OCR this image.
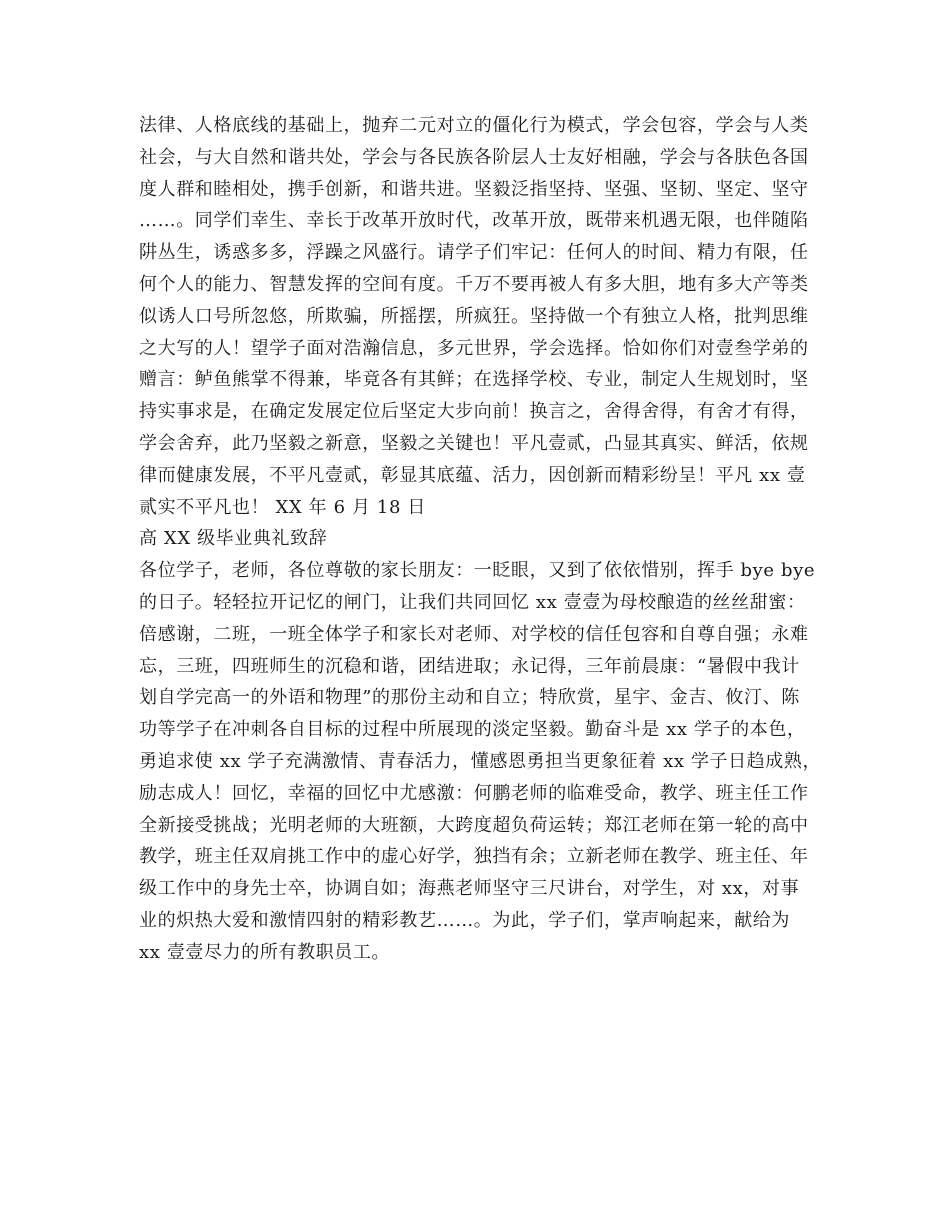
法律、人格底线的基础上，抛弃二元对立的僵化行为模式，学会包容，学会与人类
社会，与大自然和谐共处，学会与各民族各阶层人士友好相融，学会与各肤色各国
度人群和睦相处，携手创新，和谐共进。坚毅泛指坚持、坚强、坚韧、坚定、坚守
……。同学们幸生、幸长于改革开放时代，改革开放，既带来机遇无限，也伴随陷
阱丛生，诱惑多多，浮躁之风盛行。请学子们牢记：任何人的时间、精力有限，任
何个人的能力、智慧发挥的空间有度。千万不要再被人有多大胆，地有多大产等类
似诱人口号所忽悠，所欺骗，所摇摆，所疯狂。坚持做一个有独立人格，批判思维
之大写的人！望学子面对浩瀚信息，多元世界，学会选择。恰如你们对壹叁学弟的
赠言：鲈鱼熊掌不得兼，毕竟各有其鲜；在选择学校、专业，制定人生规划时，坚
持实事求是，在确定发展定位后坚定大步向前！换言之，舍得舍得，有舍才有得，
学会舍弃，此乃坚毅之新意，坚毅之关键也！平凡壹贰，凸显其真实、鲜活，依规
律而健康发展，不平凡壹贰，彰显其底蕴、活力，因创新而精彩纷呈！平凡 xx 壹
贰实不平凡也！ XX 年 6 月 18 日
高 XX 级毕业典礼致辞
各位学子，老师，各位尊敬的家长朋友：一眨眼，又到了依依惜别，挥手 bye bye
的日子。轻轻拉开记忆的闸门，让我们共同回忆 xx 壹壹为母校酿造的丝丝甜蜜：
倍感谢，二班，一班全体学子和家长对老师、对学校的信任包容和自尊自强；永难
忘，三班，四班师生的沉稳和谐，团结进取；永记得，三年前晨康：“暑假中我计
划自学完高一的外语和物理”的那份主动和自立；特欣赏，星宇、金吉、攸汀、陈
功等学子在冲刺各自目标的过程中所展现的淡定坚毅。勤奋斗是 xx 学子的本色，
勇追求使 xx 学子充满激情、青春活力，懂感恩勇担当更象征着 xx 学子日趋成熟，
励志成人！回忆，幸福的回忆中尤感激：何鹏老师的临难受命，教学、班主任工作
全新接受挑战；光明老师的大班额，大跨度超负荷运转；郑江老师在第一轮的高中
教学，班主任双肩挑工作中的虚心好学，独挡有余；立新老师在教学、班主任、年
级工作中的身先士卒，协调自如；海燕老师坚守三尺讲台，对学生，对 xx，对事
业的炽热大爱和激情四射的精彩教艺……。为此，学子们，掌声响起来，献给为
xx 壹壹尽力的所有教职员工。
